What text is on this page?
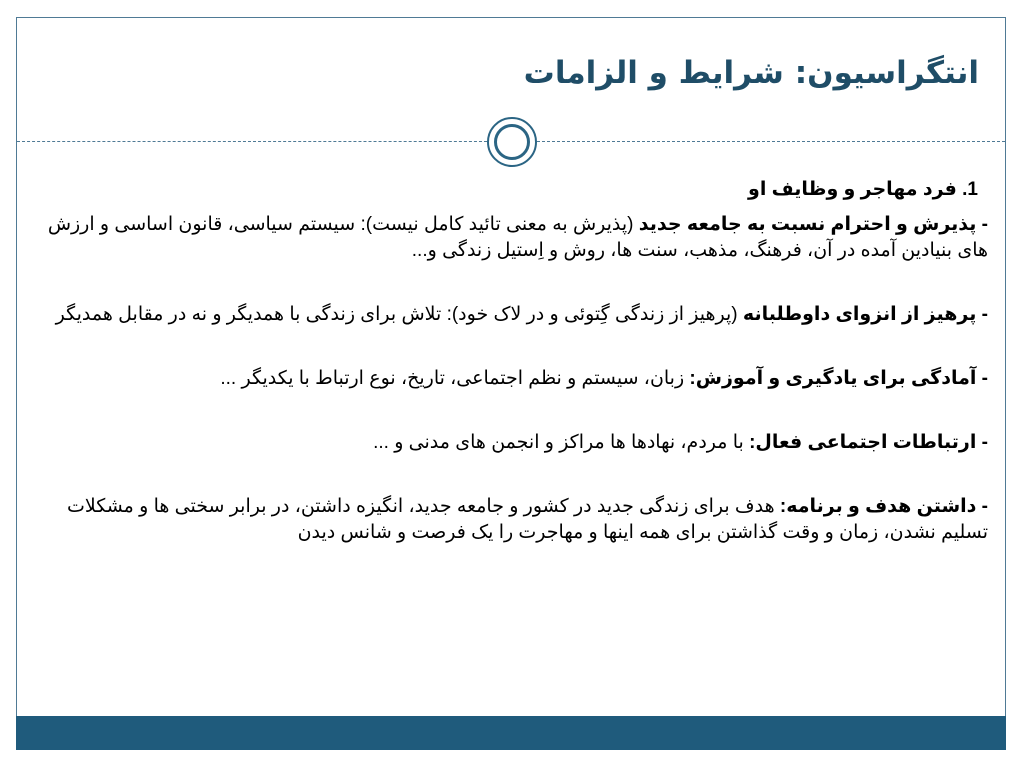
انتگراسیون: شرایط و الزامات
1. فرد مهاجر و وظایف او
- پذیرش و احترام نسبت به جامعه جدید (پذیرش به معنی تائید کامل نیست): سیستم سیاسی، قانون اساسی و ارزش های بنیادین آمده در آن، فرهنگ، مذهب، سنت ها، روش و اِستیل زندگی و...
- پرهیز از انزوای داوطلبانه (پرهیز از زندگی گِتوئی و در لاک خود): تلاش برای زندگی با همدیگر و نه در مقابل همدیگر
- آمادگی برای یادگیری و آموزش: زبان، سیستم و نظم اجتماعی، تاریخ، نوع ارتباط با یکدیگر ...
- ارتباطات اجتماعی فعال: با مردم، نهادها ها مراکز و انجمن های مدنی و ...
- داشتن هدف و برنامه: هدف برای زندگی جدید در کشور و جامعه جدید، انگیزه داشتن، در برابر سختی ها و مشکلات تسلیم نشدن، زمان و وقت گذاشتن برای همه اینها و مهاجرت را یک فرصت و شانس دیدن
